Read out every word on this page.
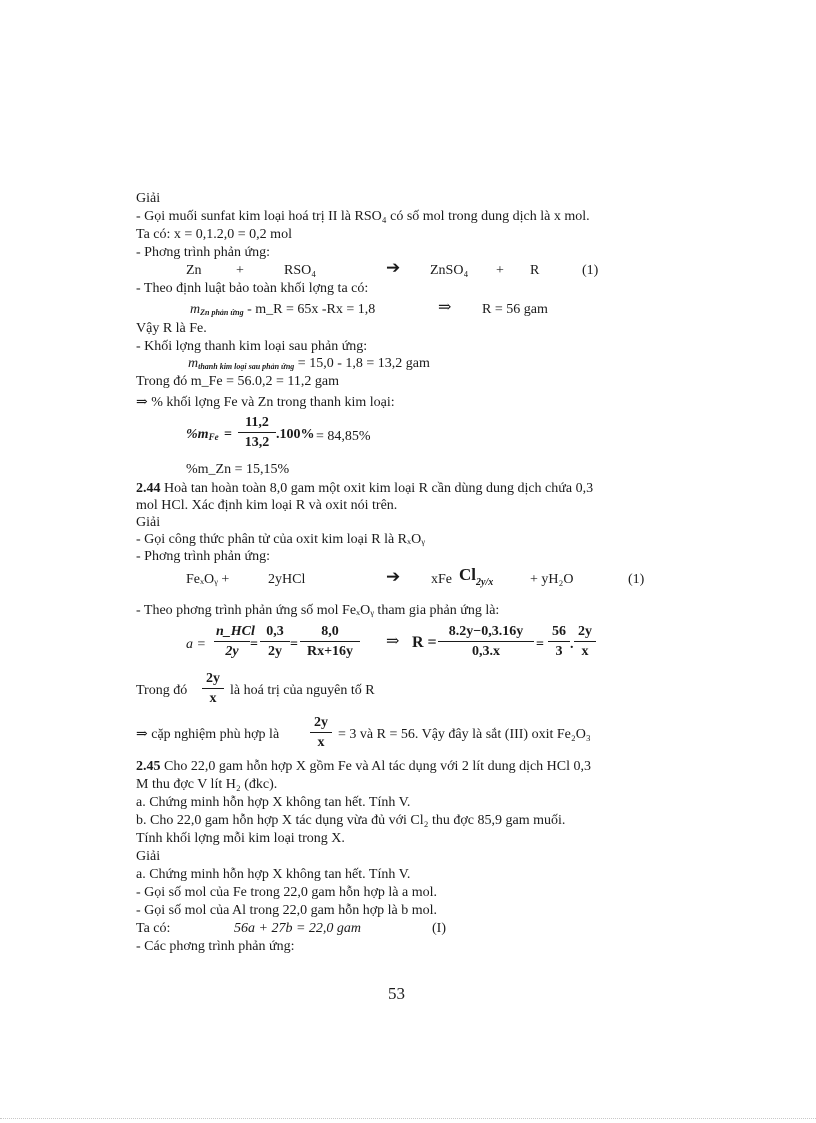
Giải
- Gọi muối sunfat kim loại hoá trị II là RSO₄ có số mol trong dung dịch là x mol.
Ta có: x = 0,1.2,0 = 0,2 mol
- Phơng trình phản ứng:
Zn +	RSO₄	➔ ZnSO₄ + R	(1)
- Theo định luật bảo toàn khối lợng ta có:
mZn phản ứng - m_R = 65x -Rx = 1,8	⇒ R = 56 gam
Vậy R là Fe.
- Khối lợng thanh kim loại sau phản ứng:
mthanh kim loại sau phản ứng = 15,0 - 1,8 = 13,2 gam
Trong đó m_Fe = 56.0,2 = 11,2 gam
⇒ % khối lợng Fe và Zn trong thanh kim loại:
$\%m_{Fe}$ =
11,2
13,2
.100% = 84,85%
%m_Zn = 15,15%
2.44 Hoà tan hoàn toàn 8,0 gam một oxit kim loại R cần dùng dung dịch chứa 0,3
mol HCl. Xác định kim loại R và oxit nói trên.
Giải
- Gọi công thức phân tử của oxit kim loại R là RₓOᵧ
- Phơng trình phản ứng:
FeₓOᵧ +	2yHCl	➔ xFe $Cl_{2y/x}$	+ yH₂O	(1)
- Theo phơng trình phản ứng số mol FeₓOᵧ tham gia phản ứng là:
a =
n_HCl
2y =
0,3
2y =
8,0
Rx+16y
⇒ R =
8.2y−0,3.16y
0,3.x	=
56
3 .
2y
x
Trong đó
2y
x
là hoá trị của nguyên tố R
⇒ cặp nghiệm phù hợp là
2y
x
= 3 và R = 56. Vậy đây là sắt (III) oxit Fe₂O₃
2.45 Cho 22,0 gam hỗn hợp X gồm Fe và Al tác dụng với 2 lít dung dịch HCl 0,3
M thu đợc V lít H₂ (đkc).
a. Chứng minh hỗn hợp X không tan hết. Tính V.
b. Cho 22,0 gam hỗn hợp X tác dụng vừa đủ với Cl₂ thu đợc 85,9 gam muối.
Tính khối lợng mỗi kim loại trong X.
Giải
a. Chứng minh hỗn hợp X không tan hết. Tính V.
- Gọi số mol của Fe trong 22,0 gam hỗn hợp là a mol.
- Gọi số mol của Al trong 22,0 gam hỗn hợp là b mol.
Ta có:	56a + 27b = 22,0 gam	(I)
- Các phơng trình phản ứng:
53
